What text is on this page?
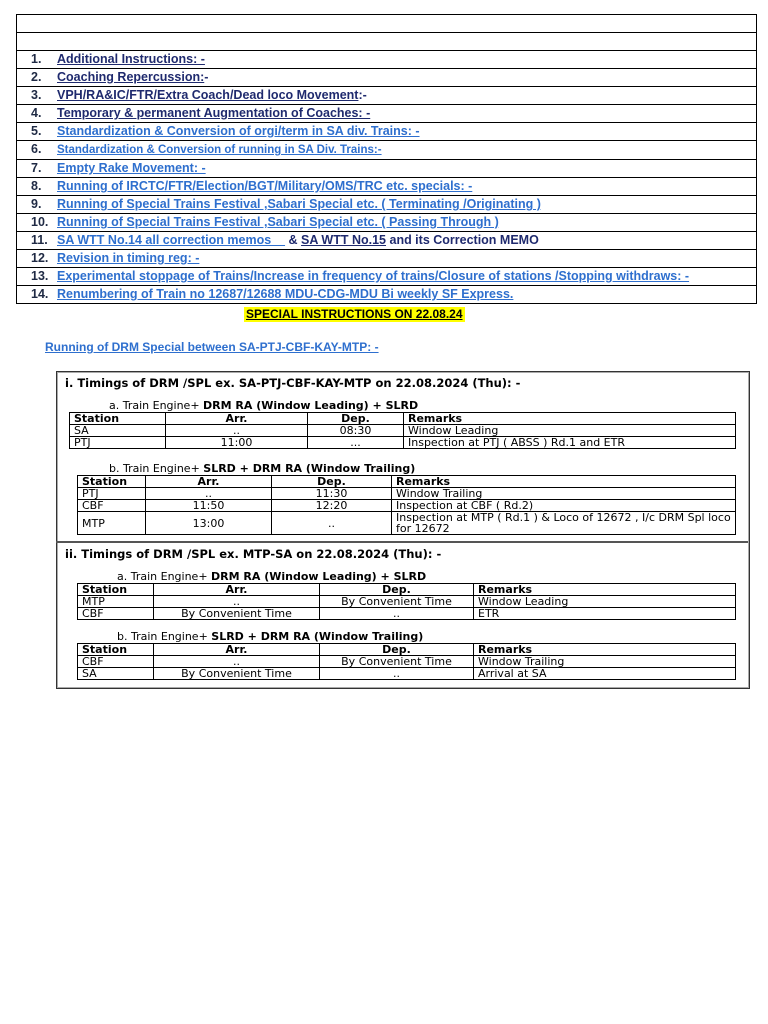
1. Additional Instructions: -
2. Coaching Repercussion:-
3. VPH/RA&IC/FTR/Extra Coach/Dead loco Movement:-
4. Temporary & permanent Augmentation of Coaches: -
5. Standardization & Conversion of orgi/term in SA div. Trains: -
6. Standardization & Conversion of running in SA Div. Trains:-
7. Empty Rake Movement: -
8. Running of IRCTC/FTR/Election/BGT/Military/OMS/TRC etc. specials: -
9. Running of Special Trains Festival ,Sabari Special etc. ( Terminating /Originating )
10. Running of Special Trains Festival ,Sabari Special etc. ( Passing Through )
11. SA WTT No.14 all correction memos     & SA WTT No.15 and its Correction MEMO
12. Revision in timing reg: -
13. Experimental stoppage of Trains/Increase in frequency of trains/Closure of stations /Stopping withdraws: -
14. Renumbering of Train no 12687/12688 MDU-CDG-MDU Bi weekly SF Express.
SPECIAL INSTRUCTIONS ON 22.08.24
Running of DRM Special between SA-PTJ-CBF-KAY-MTP: -
i. Timings of DRM /SPL ex. SA-PTJ-CBF-KAY-MTP on 22.08.2024 (Thu): -
a. Train Engine+ DRM RA (Window Leading) + SLRD
Station	Arr.	Dep.	Remarks
SA	..	08:30	Window Leading
PTJ	11:00	...	Inspection at PTJ ( ABSS ) Rd.1 and ETR
b. Train Engine+ SLRD + DRM RA (Window Trailing)
Station	Arr.	Dep.	Remarks
PTJ	..	11:30	Window Trailing
CBF	11:50	12:20	Inspection at CBF ( Rd.2)
MTP	13:00	..	Inspection at MTP ( Rd.1 ) & Loco of 12672 , I/c DRM Spl loco for 12672
ii. Timings of DRM /SPL ex. MTP-SA on 22.08.2024 (Thu): -
a. Train Engine+ DRM RA (Window Leading) + SLRD
Station	Arr.	Dep.	Remarks
MTP	..	By Convenient Time	Window Leading
CBF	By Convenient Time	..	ETR
b. Train Engine+ SLRD + DRM RA (Window Trailing)
Station	Arr.	Dep.	Remarks
CBF	..	By Convenient Time	Window Trailing
SA	By Convenient Time	..	Arrival at SA
